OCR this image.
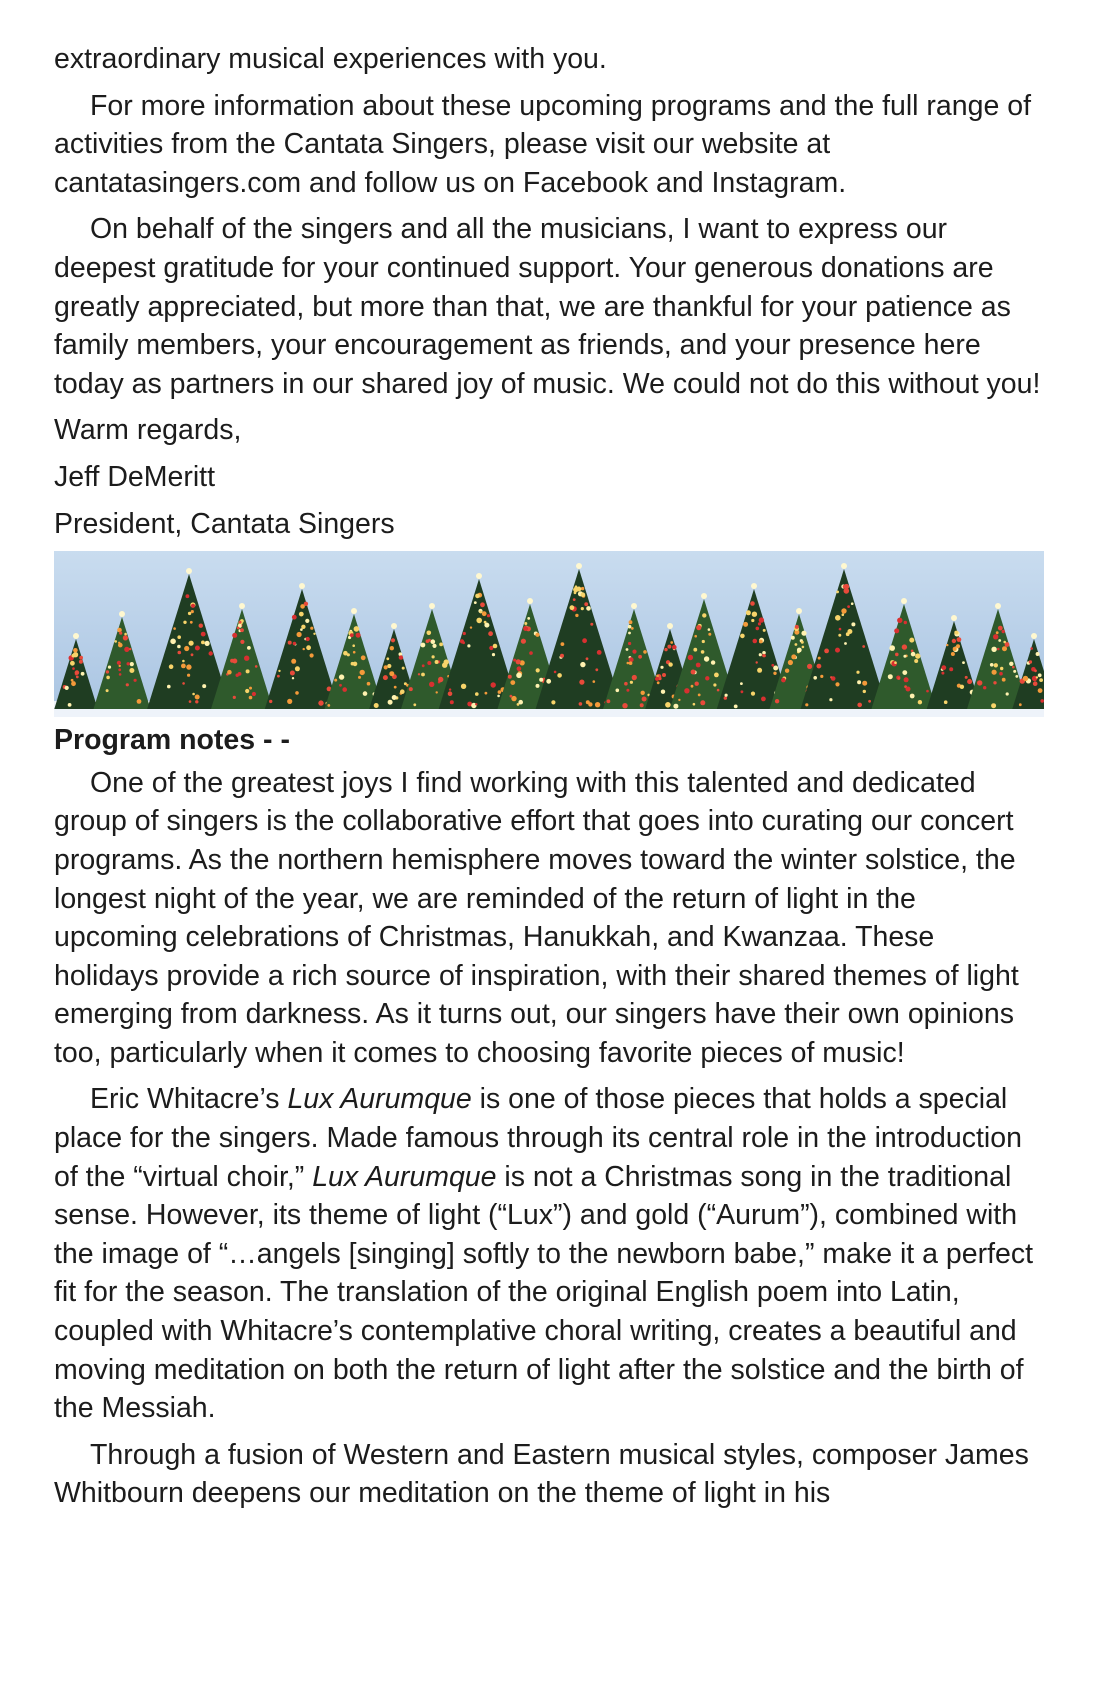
extraordinary musical experiences with you.

For more information about these upcoming programs and the full range of activities from the Cantata Singers, please visit our website at cantatasingers.com and follow us on Facebook and Instagram.

On behalf of the singers and all the musicians, I want to express our deepest gratitude for your continued support. Your generous donations are greatly appreciated, but more than that, we are thankful for your patience as family members, your encouragement as friends, and your presence here today as partners in our shared joy of music. We could not do this without you!

Warm regards,

Jeff DeMeritt

President, Cantata Singers

Program notes - -

One of the greatest joys I find working with this talented and dedicated group of singers is the collaborative effort that goes into curating our concert programs. As the northern hemisphere moves toward the winter solstice, the longest night of the year, we are reminded of the return of light in the upcoming celebrations of Christmas, Hanukkah, and Kwanzaa. These holidays provide a rich source of inspiration, with their shared themes of light emerging from darkness. As it turns out, our singers have their own opinions too, particularly when it comes to choosing favorite pieces of music!

Eric Whitacre’s Lux Aurumque is one of those pieces that holds a special place for the singers. Made famous through its central role in the introduction of the “virtual choir,” Lux Aurumque is not a Christmas song in the traditional sense. However, its theme of light (“Lux”) and gold (“Aurum”), combined with the image of “…angels [singing] softly to the newborn babe,” make it a perfect fit for the season. The translation of the original English poem into Latin, coupled with Whitacre’s contemplative choral writing, creates a beautiful and moving meditation on both the return of light after the solstice and the birth of the Messiah.

Through a fusion of Western and Eastern musical styles, composer James Whitbourn deepens our meditation on the theme of light in his
